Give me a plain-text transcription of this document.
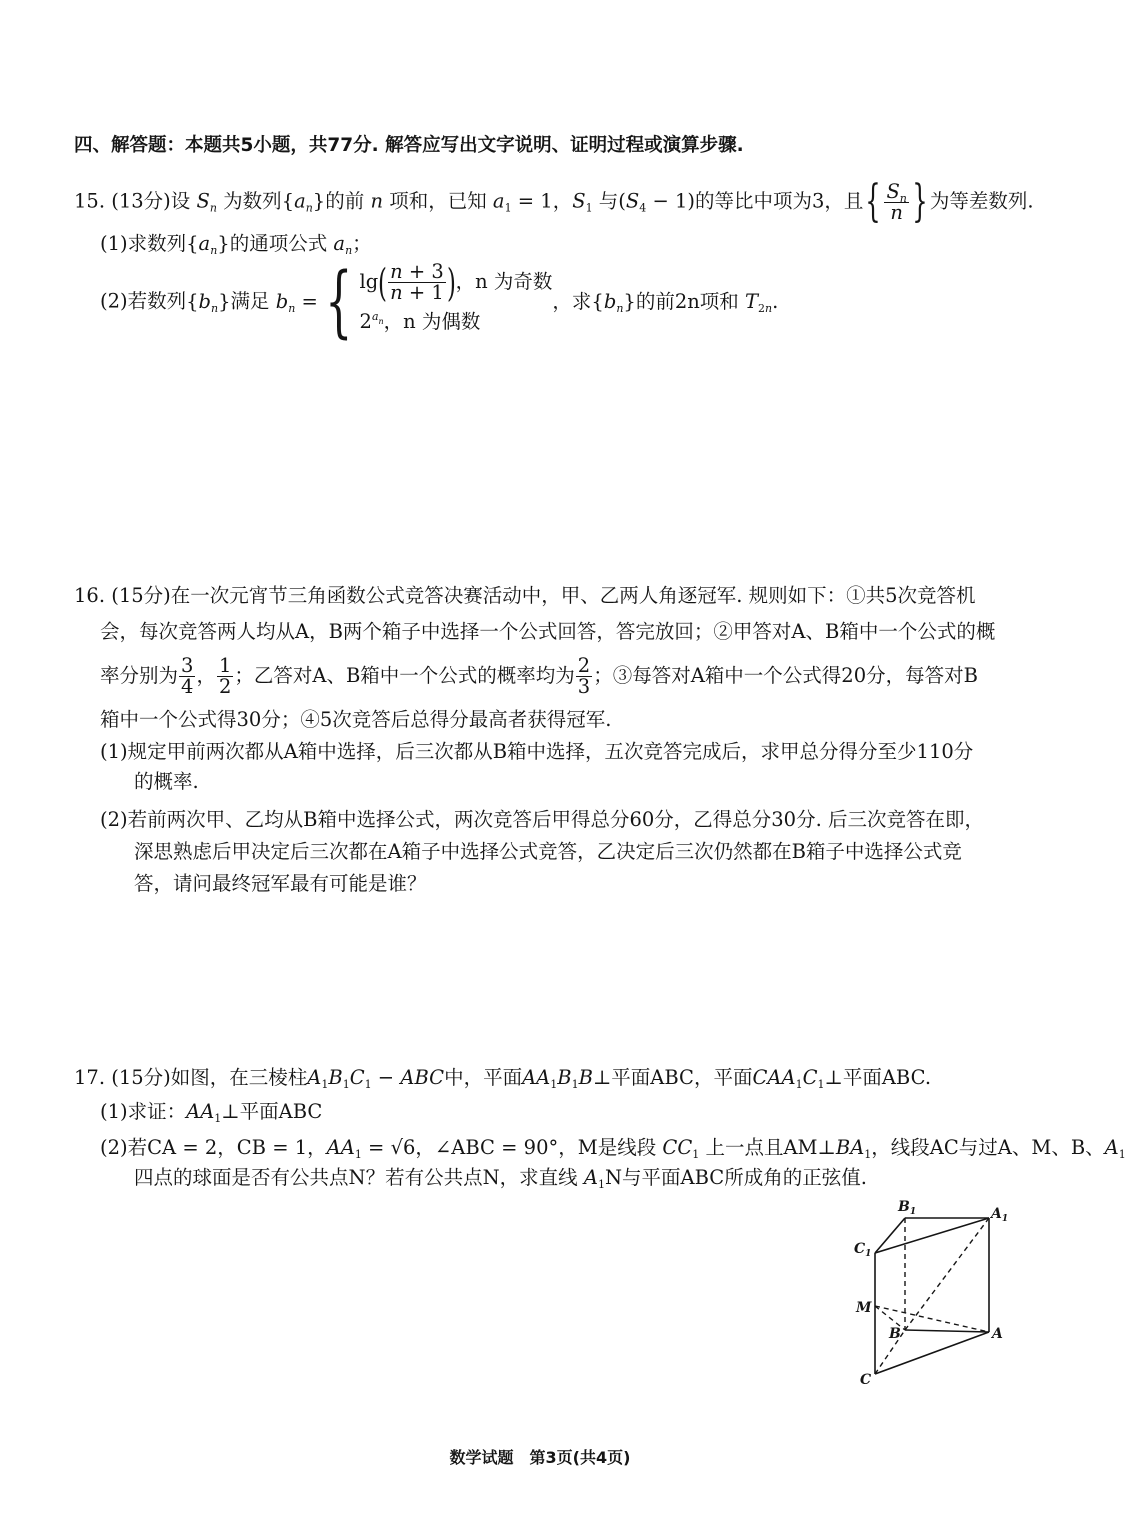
四、解答题：本题共5小题，共77分. 解答应写出文字说明、证明过程或演算步骤.
15. (13分)设 $S_n$ 为数列$\{a_n\}$的前 n 项和，已知 $a_1 = 1$，$S_1$ 与$(S_4 - 1)$的等比中项为3，且{ $\frac{S_n}{n}$ } 为等差数列.
(1)求数列$\{a_n\}$的通项公式 $a_n$；
(2)若数列$\{b_n\}$满足 $b_n$ ={ $\lg( \frac{n + 3}{n + 1}$ )，n 为奇数
$2^{a_n}$，n 为偶数
，求$\{b_n\}$的前2n项和 $T_{2n}$.
16. (15分)在一次元宵节三角函数公式竞答决赛活动中，甲、乙两人角逐冠军. 规则如下：①共5次竞答机
会，每次竞答两人均从A，B两个箱子中选择一个公式回答，答完放回；②甲答对A、B箱中一个公式的概
率分别为 $\frac{3}{4}$ ， $\frac{1}{2}$ ；乙答对A、B箱中一个公式的概率均为 $\frac{2}{3}$ ；③每答对A箱中一个公式得20分，每答对B
箱中一个公式得30分；④5次竞答后总得分最高者获得冠军.
(1)规定甲前两次都从A箱中选择，后三次都从B箱中选择，五次竞答完成后，求甲总分得分至少110分
的概率.
(2)若前两次甲、乙均从B箱中选择公式，两次竞答后甲得总分60分，乙得总分30分. 后三次竞答在即，
深思熟虑后甲决定后三次都在A箱子中选择公式竞答，乙决定后三次仍然都在B箱子中选择公式竞
答，请问最终冠军最有可能是谁？
17. (15分)如图，在三棱柱$A_1B_1C_1$ − ABC中，平面$AA_1B_1B\perp$平面ABC，平面$CAA_1C_1\perp$平面ABC.
(1)求证：$AA_1\perp$平面ABC
(2)若CA = 2，CB = 1，$AA_1 = √6$，∠ABC = 90°，M是线段 $CC_1$ 上一点且$AM\perp BA_1$，线段AC与过A、M、B、$A_1$
四点的球面是否有公共点N？若有公共点N，求直线 $A_1N$与平面ABC所成角的正弦值.
$B_1$	$A_1$
$C_1$
M
B	A
C
数学试题　第3页(共4页)
